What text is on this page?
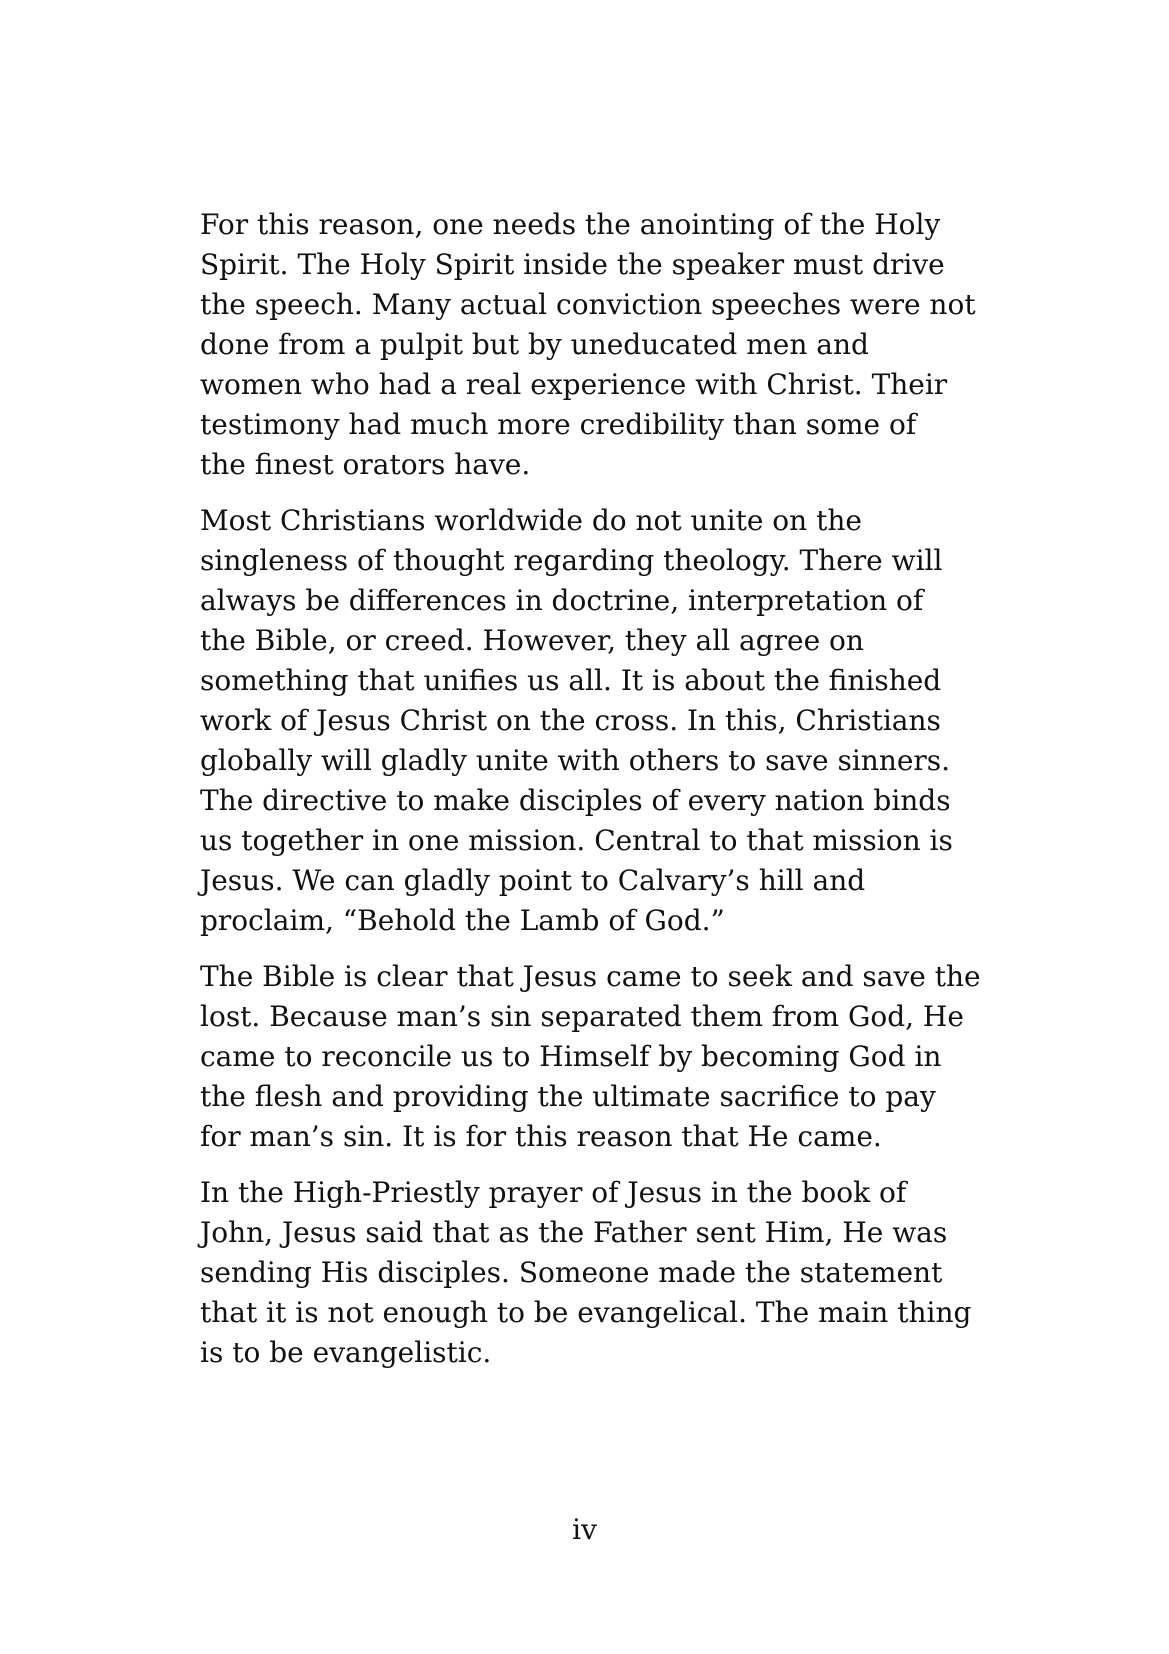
For this reason, one needs the anointing of the Holy
Spirit. The Holy Spirit inside the speaker must drive
the speech. Many actual conviction speeches were not
done from a pulpit but by uneducated men and
women who had a real experience with Christ. Their
testimony had much more credibility than some of
the finest orators have.

Most Christians worldwide do not unite on the
singleness of thought regarding theology. There will
always be differences in doctrine, interpretation of
the Bible, or creed. However, they all agree on
something that unifies us all. It is about the finished
work of Jesus Christ on the cross. In this, Christians
globally will gladly unite with others to save sinners.
The directive to make disciples of every nation binds
us together in one mission. Central to that mission is
Jesus. We can gladly point to Calvary’s hill and
proclaim, “Behold the Lamb of God.”

The Bible is clear that Jesus came to seek and save the
lost. Because man’s sin separated them from God, He
came to reconcile us to Himself by becoming God in
the flesh and providing the ultimate sacrifice to pay
for man’s sin. It is for this reason that He came.

In the High-Priestly prayer of Jesus in the book of
John, Jesus said that as the Father sent Him, He was
sending His disciples. Someone made the statement
that it is not enough to be evangelical. The main thing
is to be evangelistic.

iv
